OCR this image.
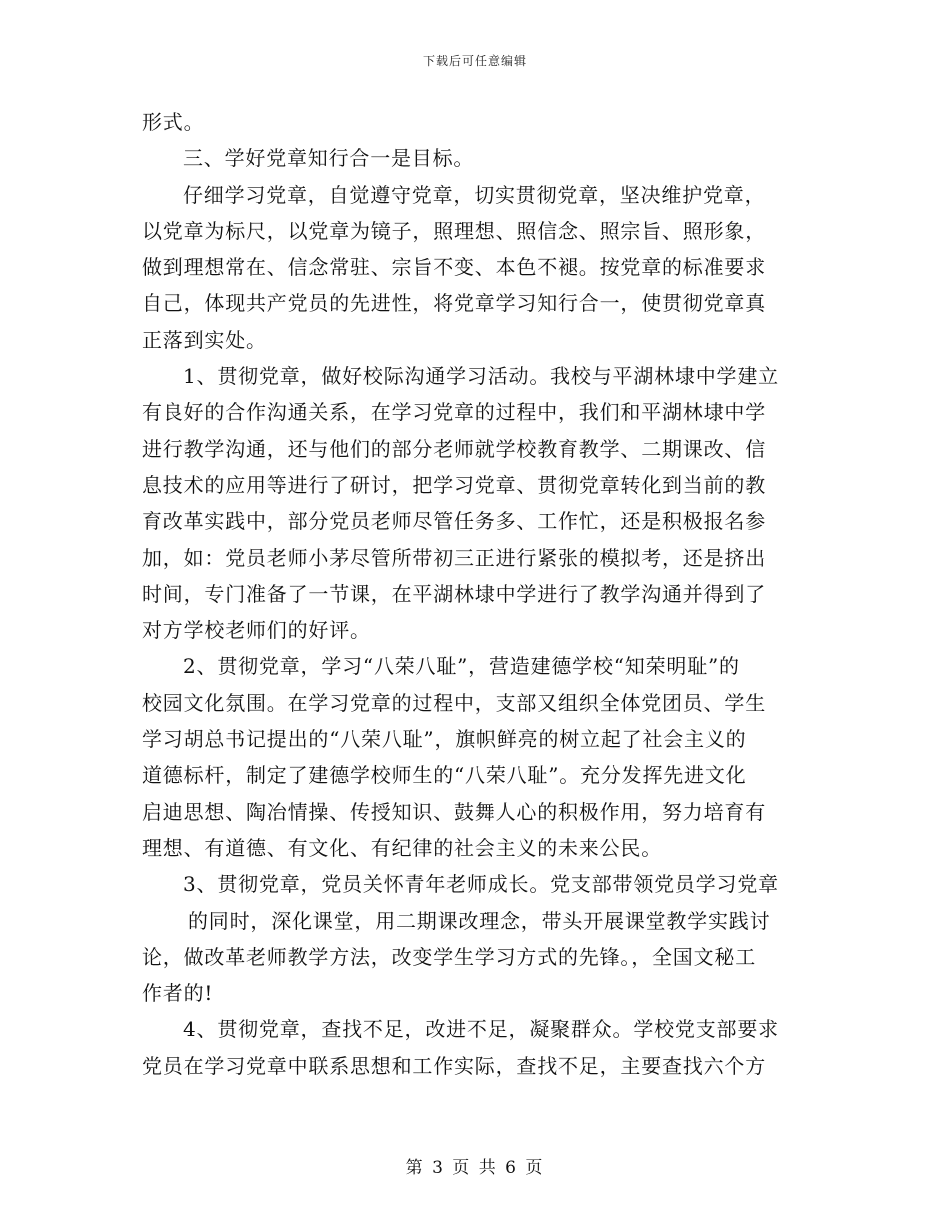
下载后可任意编辑
形式。
三、学好党章知行合一是目标。
仔细学习党章，自觉遵守党章，切实贯彻党章，坚决维护党章，
以党章为标尺，以党章为镜子，照理想、照信念、照宗旨、照形象，
做到理想常在、信念常驻、宗旨不变、本色不褪。按党章的标准要求
自己，体现共产党员的先进性，将党章学习知行合一，使贯彻党章真
正落到实处。
1、贯彻党章，做好校际沟通学习活动。我校与平湖林埭中学建立
有良好的合作沟通关系，在学习党章的过程中，我们和平湖林埭中学
进行教学沟通，还与他们的部分老师就学校教育教学、二期课改、信
息技术的应用等进行了研讨，把学习党章、贯彻党章转化到当前的教
育改革实践中，部分党员老师尽管任务多、工作忙，还是积极报名参
加，如：党员老师小茅尽管所带初三正进行紧张的模拟考，还是挤出
时间，专门准备了一节课，在平湖林埭中学进行了教学沟通并得到了
对方学校老师们的好评。
2、贯彻党章，学习“八荣八耻”，营造建德学校“知荣明耻”的
校园文化氛围。在学习党章的过程中，支部又组织全体党团员、学生
学习胡总书记提出的“八荣八耻”，旗帜鲜亮的树立起了社会主义的
道德标杆，制定了建德学校师生的“八荣八耻”。充分发挥先进文化
启迪思想、陶冶情操、传授知识、鼓舞人心的积极作用，努力培育有
理想、有道德、有文化、有纪律的社会主义的未来公民。
3、贯彻党章，党员关怀青年老师成长。党支部带领党员学习党章
的同时，深化课堂，用二期课改理念，带头开展课堂教学实践讨
论，做改革老师教学方法，改变学生学习方式的先锋。，全国文秘工
作者的!
4、贯彻党章，查找不足，改进不足，凝聚群众。学校党支部要求
党员在学习党章中联系思想和工作实际，查找不足，主要查找六个方
第 3 页 共 6 页
